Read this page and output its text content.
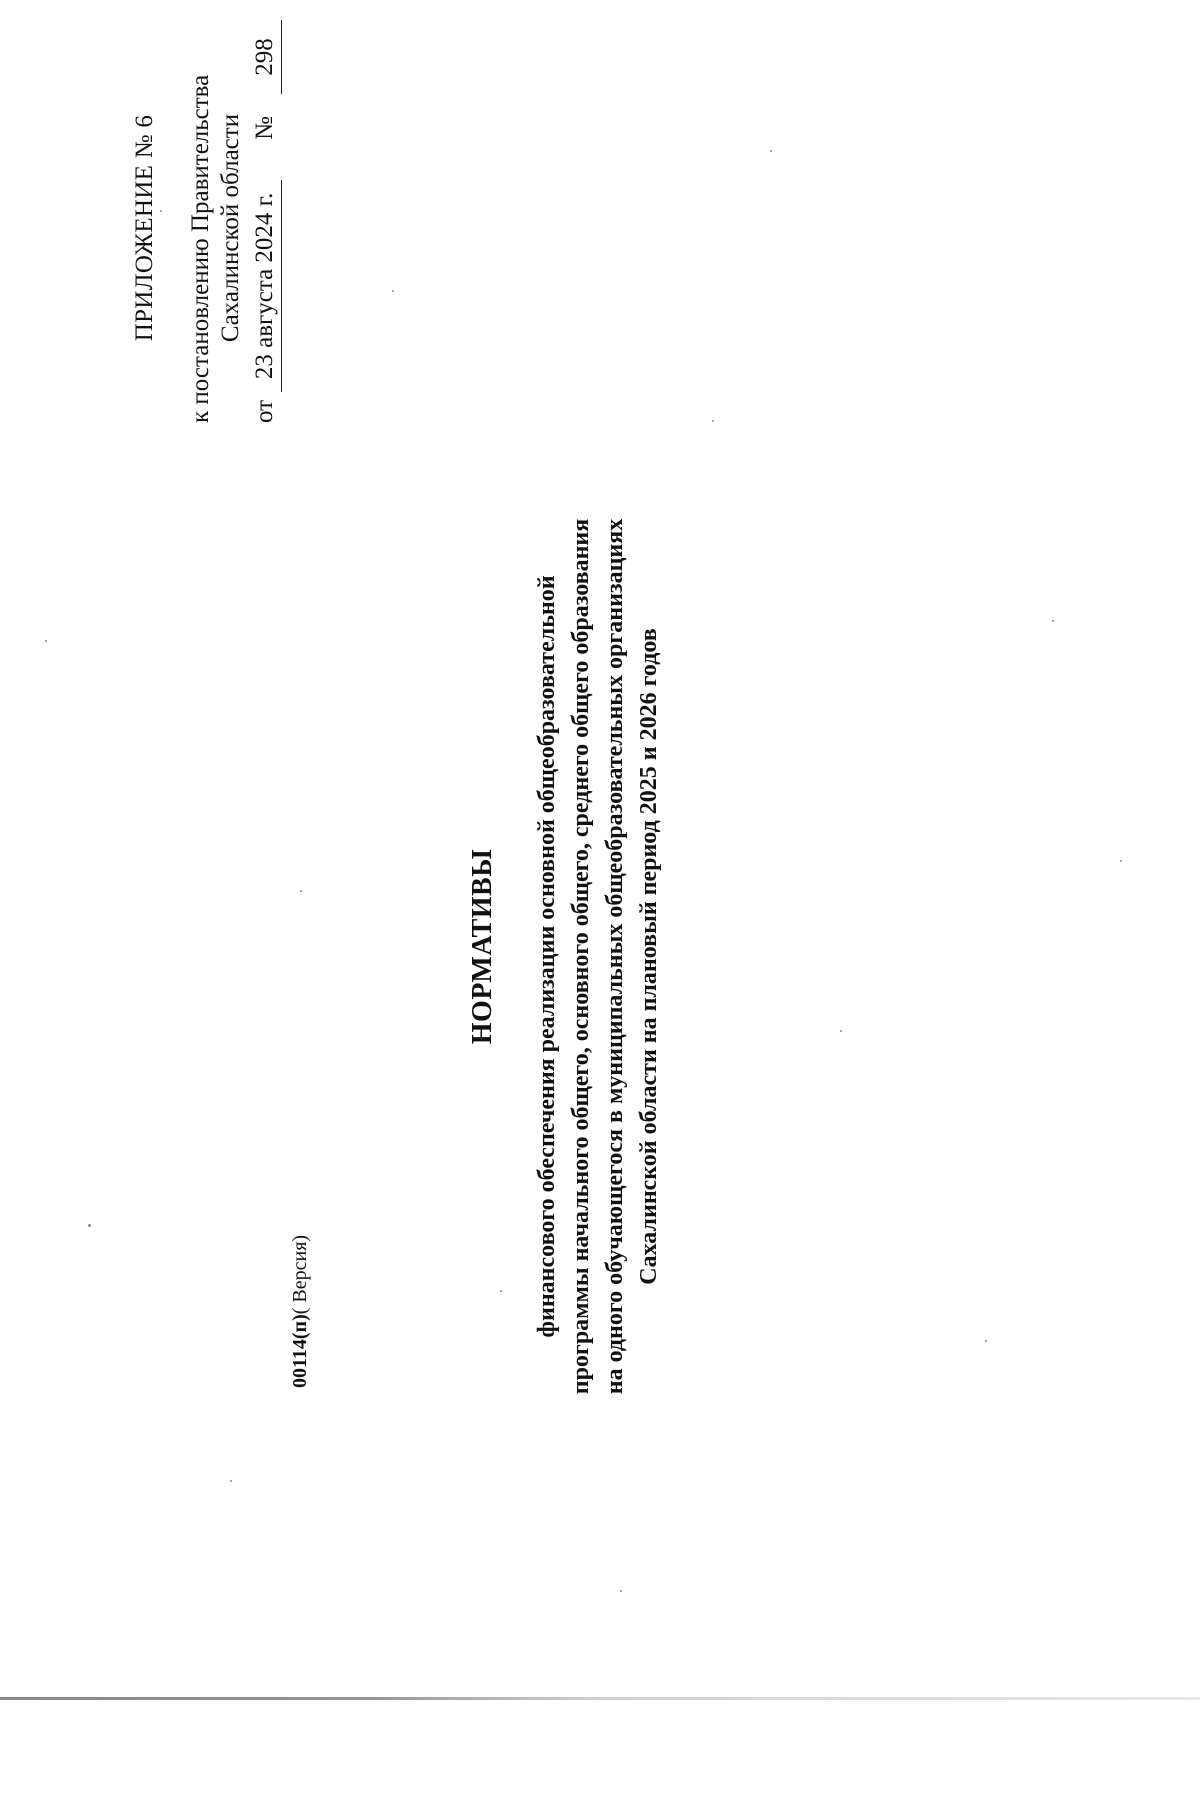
ПРИЛОЖЕНИЕ № 6 к постановлению Правительства Сахалинской области
от
23 августа 2024 г.
№
298
НОРМАТИВЫ финансового обеспечения реализации основной общеобразовательной программы начального общего, основного общего, среднего общего образования на одного обучающегося в муниципальных общеобразовательных организациях Сахалинской области на плановый период 2025 и 2026 годов
00114(п)( Версия)
